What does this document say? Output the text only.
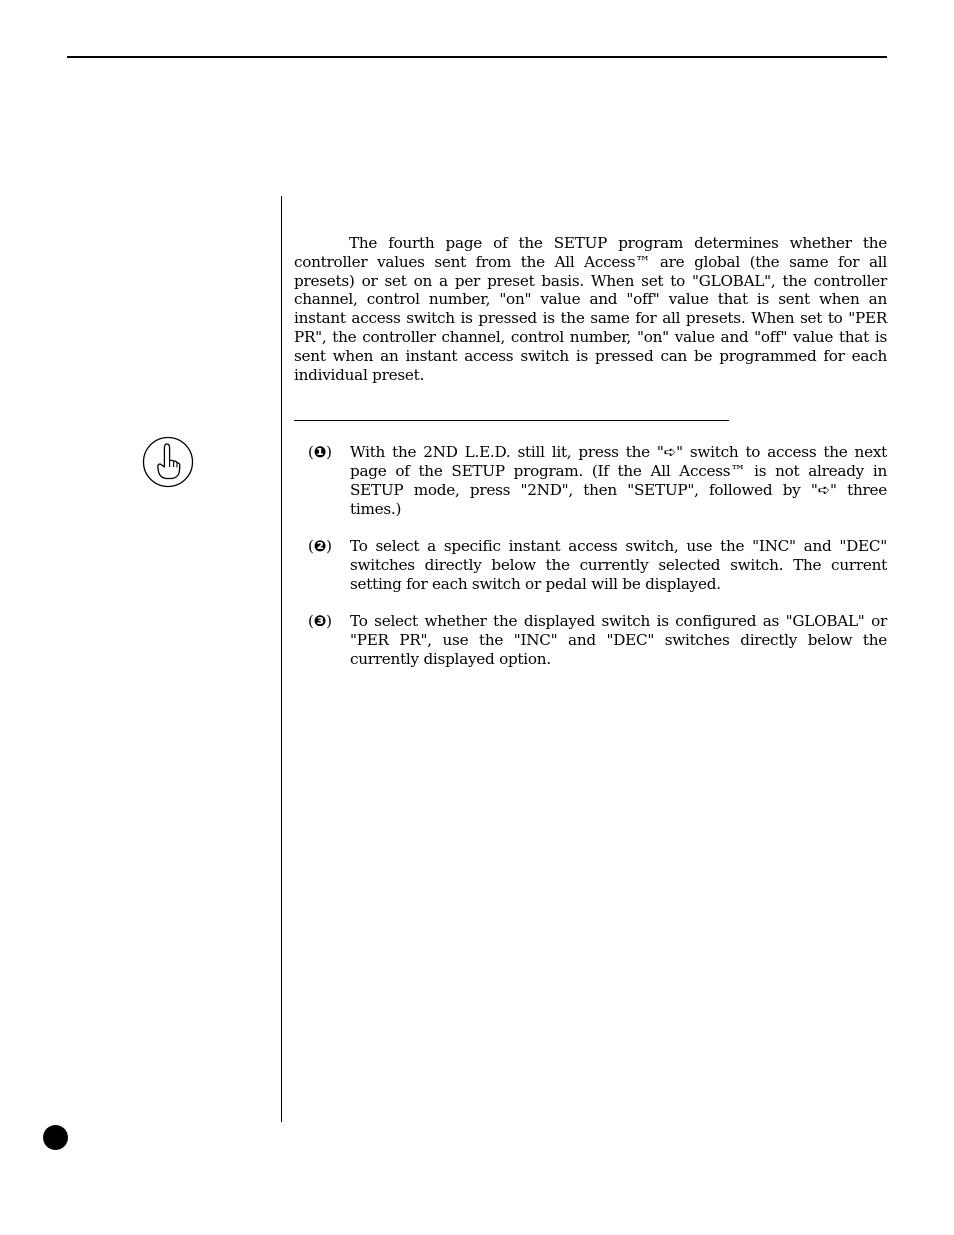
The fourth page of the SETUP program determines whether the controller values sent from the All Access™ are global (the same for all presets) or set on a per preset basis. When set to "GLOBAL", the controller channel, control number, "on" value and "off" value that is sent when an instant access switch is pressed is the same for all presets. When set to "PER PR", the controller channel, control number, "on" value and "off" value that is sent when an instant access switch is pressed can be programmed for each individual preset.

(❶) With the 2ND L.E.D. still lit, press the "➪" switch to access the next page of the SETUP program. (If the All Access™ is not already in SETUP mode, press "2ND", then "SETUP", followed by "➪" three times.)
(❷) To select a specific instant access switch, use the "INC" and "DEC" switches directly below the currently selected switch. The current setting for each switch or pedal will be displayed.
(❸) To select whether the displayed switch is configured as "GLOBAL" or "PER PR", use the "INC" and "DEC" switches directly below the currently displayed option.
